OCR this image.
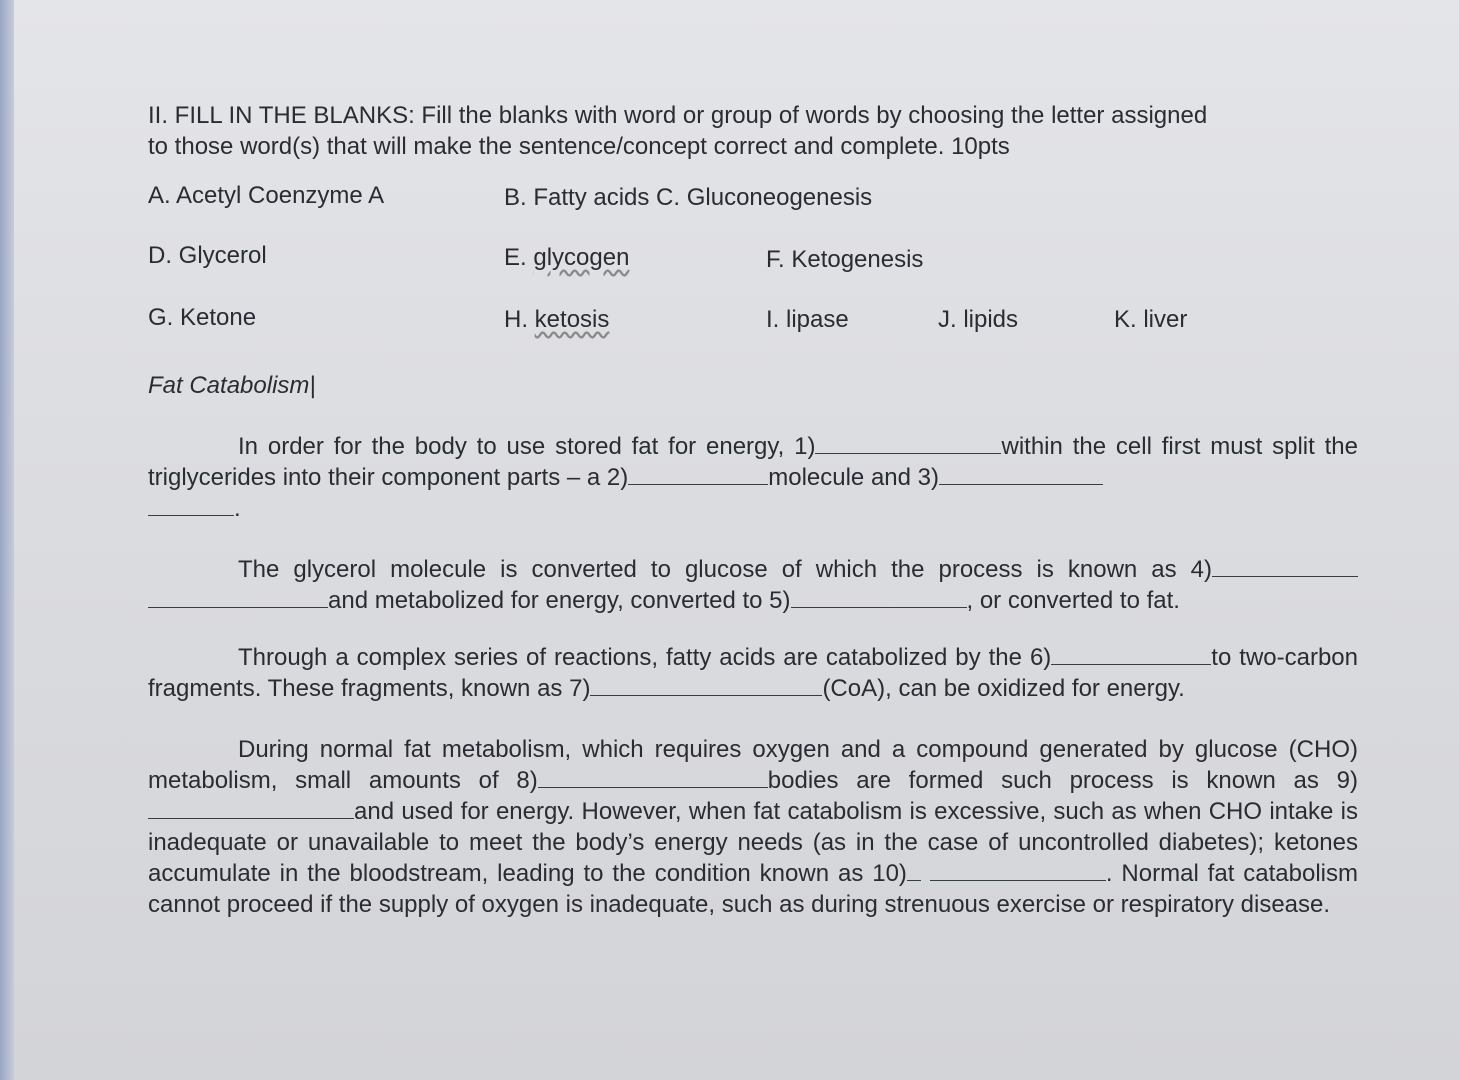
II. FILL IN THE BLANKS: Fill the blanks with word or group of words by choosing the letter assigned
to those word(s) that will make the sentence/concept correct and complete. 10pts

A. Acetyl Coenzyme A	B. Fatty acids C. Gluconeogenesis
D. Glycerol	E. glycogen	F. Ketogenesis
G. Ketone	H. ketosis	I. lipase	J. lipids	K. liver
Fat Catabolism|

In order for the body to use stored fat for energy, 1)	within the cell first must split the triglycerides into their component parts – a 2)	molecule and 3)
.

The glycerol molecule is converted to glucose of which the process is known as 4) and metabolized for energy, converted to 5)	, or converted to fat.

Through a complex series of reactions, fatty acids are catabolized by the 6)	to two-carbon fragments. These fragments, known as 7)	(CoA), can be oxidized for energy.

During normal fat metabolism, which requires oxygen and a compound generated by glucose (CHO) metabolism, small amounts of 8)	bodies are formed such process is known as 9)and used for energy. However, when fat catabolism is excessive, such as when CHO intake is inadequate or unavailable to meet the body’s energy needs (as in the case of uncontrolled diabetes); ketones accumulate in the bloodstream, leading to the condition known as 10)	. Normal fat catabolism cannot proceed if the supply of oxygen is inadequate, such as during strenuous exercise or respiratory disease.
